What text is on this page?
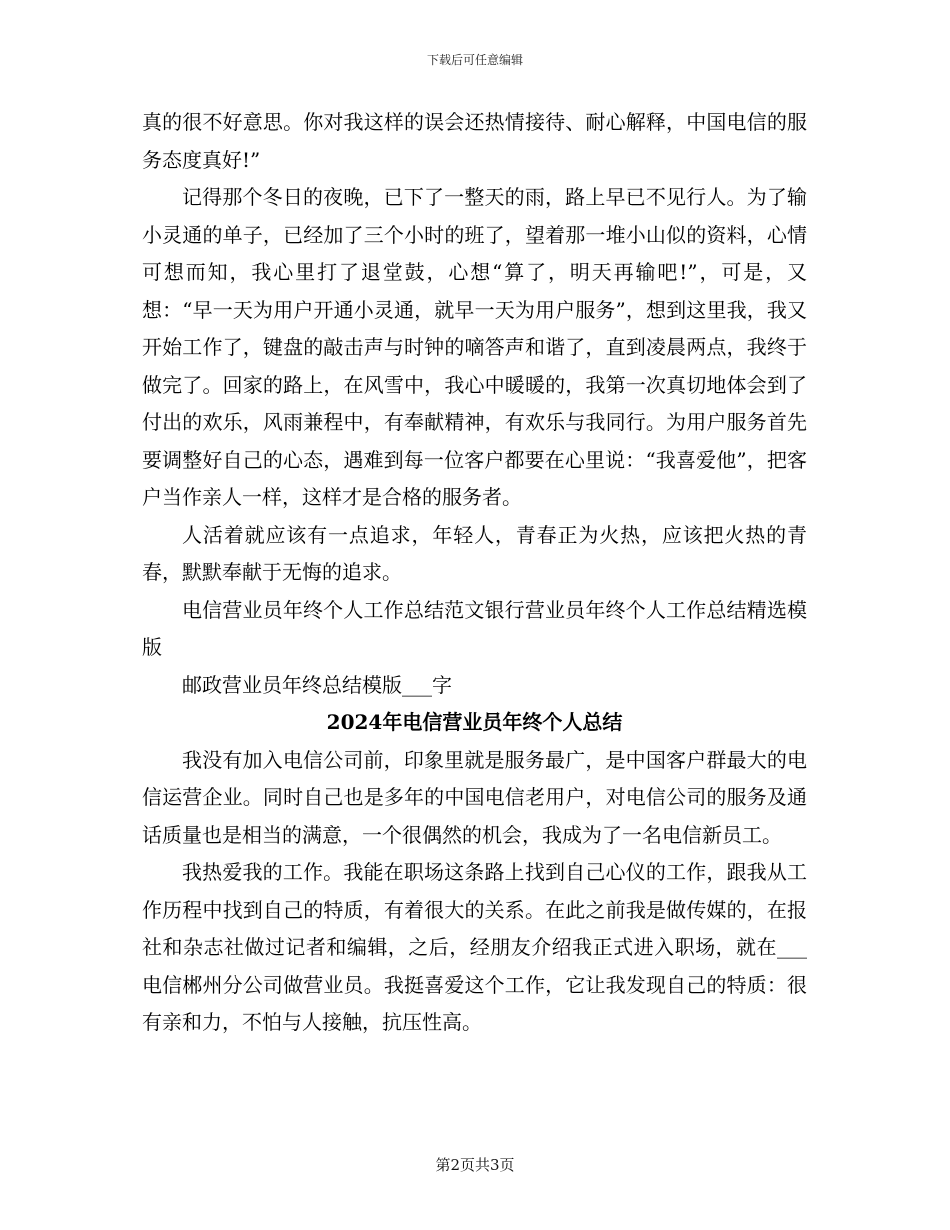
下载后可任意编辑

真的很不好意思。你对我这样的误会还热情接待、耐心解释，中国电信的服务态度真好!”

记得那个冬日的夜晚，已下了一整天的雨，路上早已不见行人。为了输小灵通的单子，已经加了三个小时的班了，望着那一堆小山似的资料，心情可想而知，我心里打了退堂鼓，心想“算了，明天再输吧!”，可是，又想：“早一天为用户开通小灵通，就早一天为用户服务”，想到这里我，我又开始工作了，键盘的敲击声与时钟的嘀答声和谐了，直到凌晨两点，我终于做完了。回家的路上，在风雪中，我心中暖暖的，我第一次真切地体会到了付出的欢乐，风雨兼程中，有奉献精神，有欢乐与我同行。为用户服务首先要调整好自己的心态，遇难到每一位客户都要在心里说：“我喜爱他”，把客户当作亲人一样，这样才是合格的服务者。

人活着就应该有一点追求，年轻人，青春正为火热，应该把火热的青春，默默奉献于无悔的追求。

电信营业员年终个人工作总结范文银行营业员年终个人工作总结精选模版

邮政营业员年终总结模版___字

2024年电信营业员年终个人总结

我没有加入电信公司前，印象里就是服务最广，是中国客户群最大的电信运营企业。同时自己也是多年的中国电信老用户，对电信公司的服务及通话质量也是相当的满意，一个很偶然的机会，我成为了一名电信新员工。

我热爱我的工作。我能在职场这条路上找到自己心仪的工作，跟我从工作历程中找到自己的特质，有着很大的关系。在此之前我是做传媒的，在报社和杂志社做过记者和编辑，之后，经朋友介绍我正式进入职场，就在___电信郴州分公司做营业员。我挺喜爱这个工作，它让我发现自己的特质：很有亲和力，不怕与人接触，抗压性高。

第2页共3页
